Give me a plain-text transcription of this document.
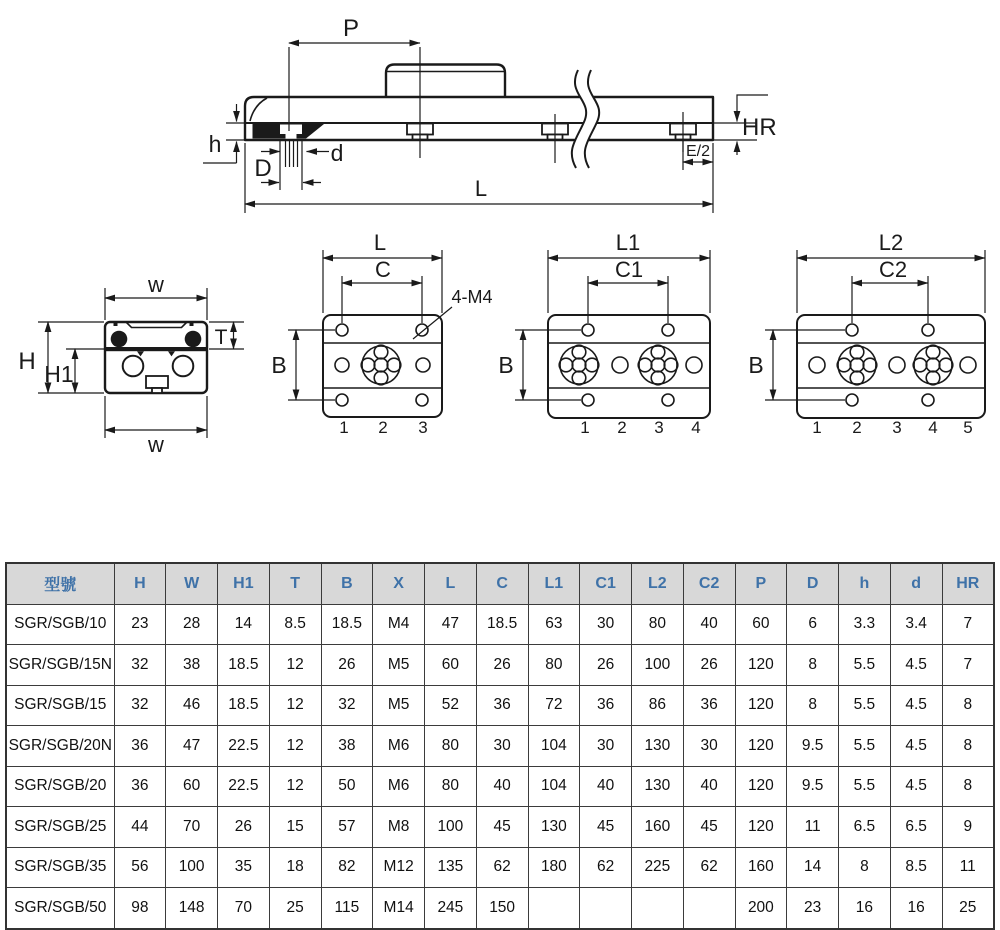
P
h
D
d
L
HR
E/2
w
w
H H1
T
L
C
4-M4
B
1 2 3
L1
C1
B
1 2 3 4
L2
C2
B
1 2 3 4 5
型號	H	W	H1	T	B	X	L	C	L1	C1	L2	C2	P	D	h	d	HR
SGR/SGB/10	23	28	14	8.5	18.5	M4	47	18.5	63	30	80	40	60	6	3.3	3.4	7
SGR/SGB/15N	32	38	18.5	12	26	M5	60	26	80	26	100	26	120	8	5.5	4.5	7
SGR/SGB/15	32	46	18.5	12	32	M5	52	36	72	36	86	36	120	8	5.5	4.5	8
SGR/SGB/20N	36	47	22.5	12	38	M6	80	30	104	30	130	30	120	9.5	5.5	4.5	8
SGR/SGB/20	36	60	22.5	12	50	M6	80	40	104	40	130	40	120	9.5	5.5	4.5	8
SGR/SGB/25	44	70	26	15	57	M8	100	45	130	45	160	45	120	11	6.5	6.5	9
SGR/SGB/35	56	100	35	18	82	M12	135	62	180	62	225	62	160	14	8	8.5	11
SGR/SGB/50	98	148	70	25	115	M14	245	150					200	23	16	16	25
